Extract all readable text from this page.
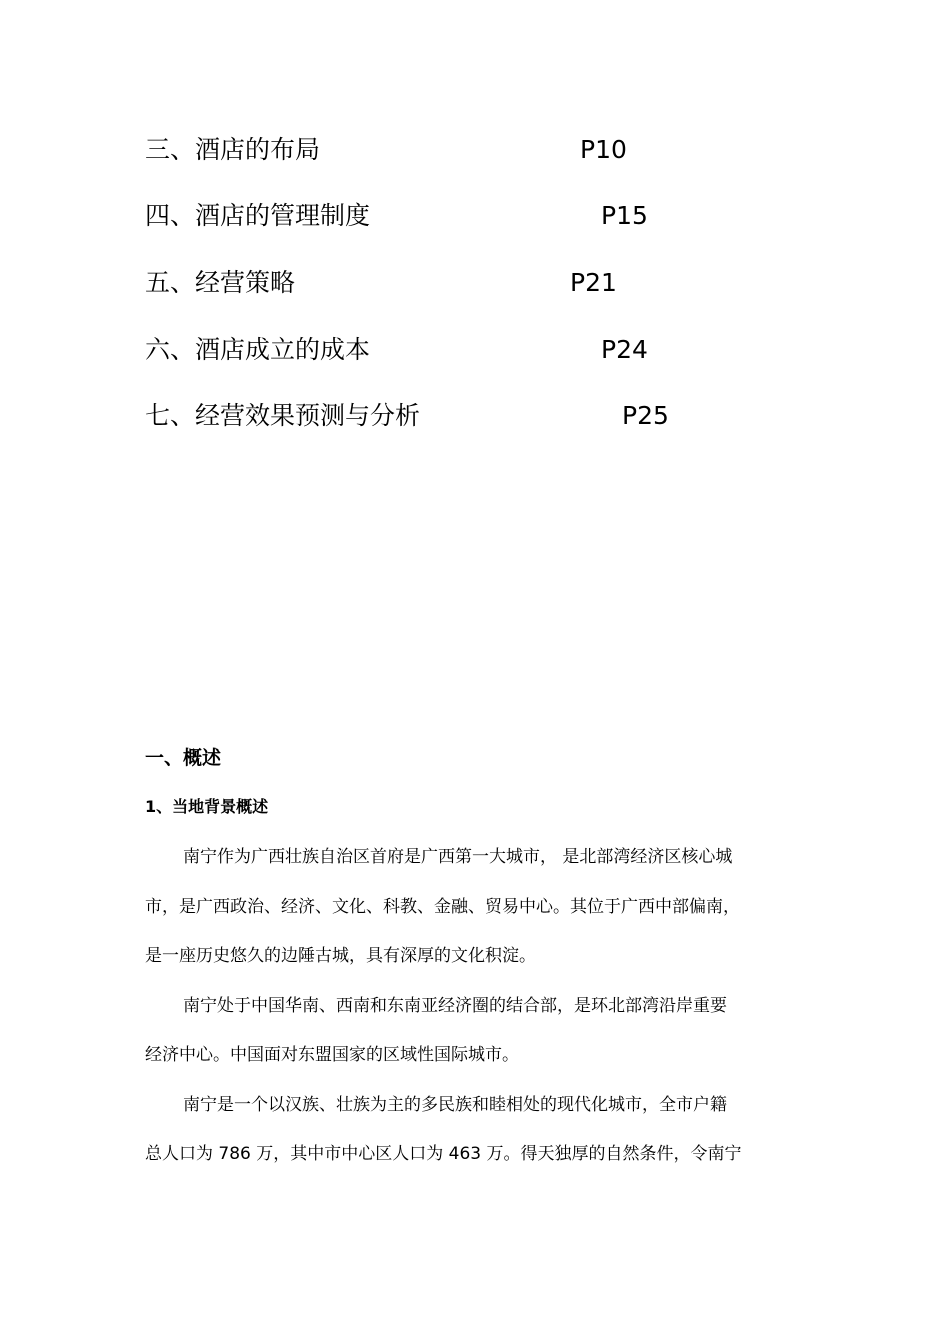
三、酒店的布局	P10
四、酒店的管理制度	P15
五、经营策略	P21
六、酒店成立的成本	P24
七、经营效果预测与分析	P25
一、概述
1、当地背景概述
南宁作为广西壮族自治区首府是广西第一大城市， 是北部湾经济区核心城
市，是广西政治、经济、文化、科教、金融、贸易中心。其位于广西中部偏南，
是一座历史悠久的边陲古城，具有深厚的文化积淀。
南宁处于中国华南、西南和东南亚经济圈的结合部，是环北部湾沿岸重要
经济中心。中国面对东盟国家的区域性国际城市。
南宁是一个以汉族、壮族为主的多民族和睦相处的现代化城市，全市户籍
总人口为 786 万，其中市中心区人口为 463 万。得天独厚的自然条件，令南宁
